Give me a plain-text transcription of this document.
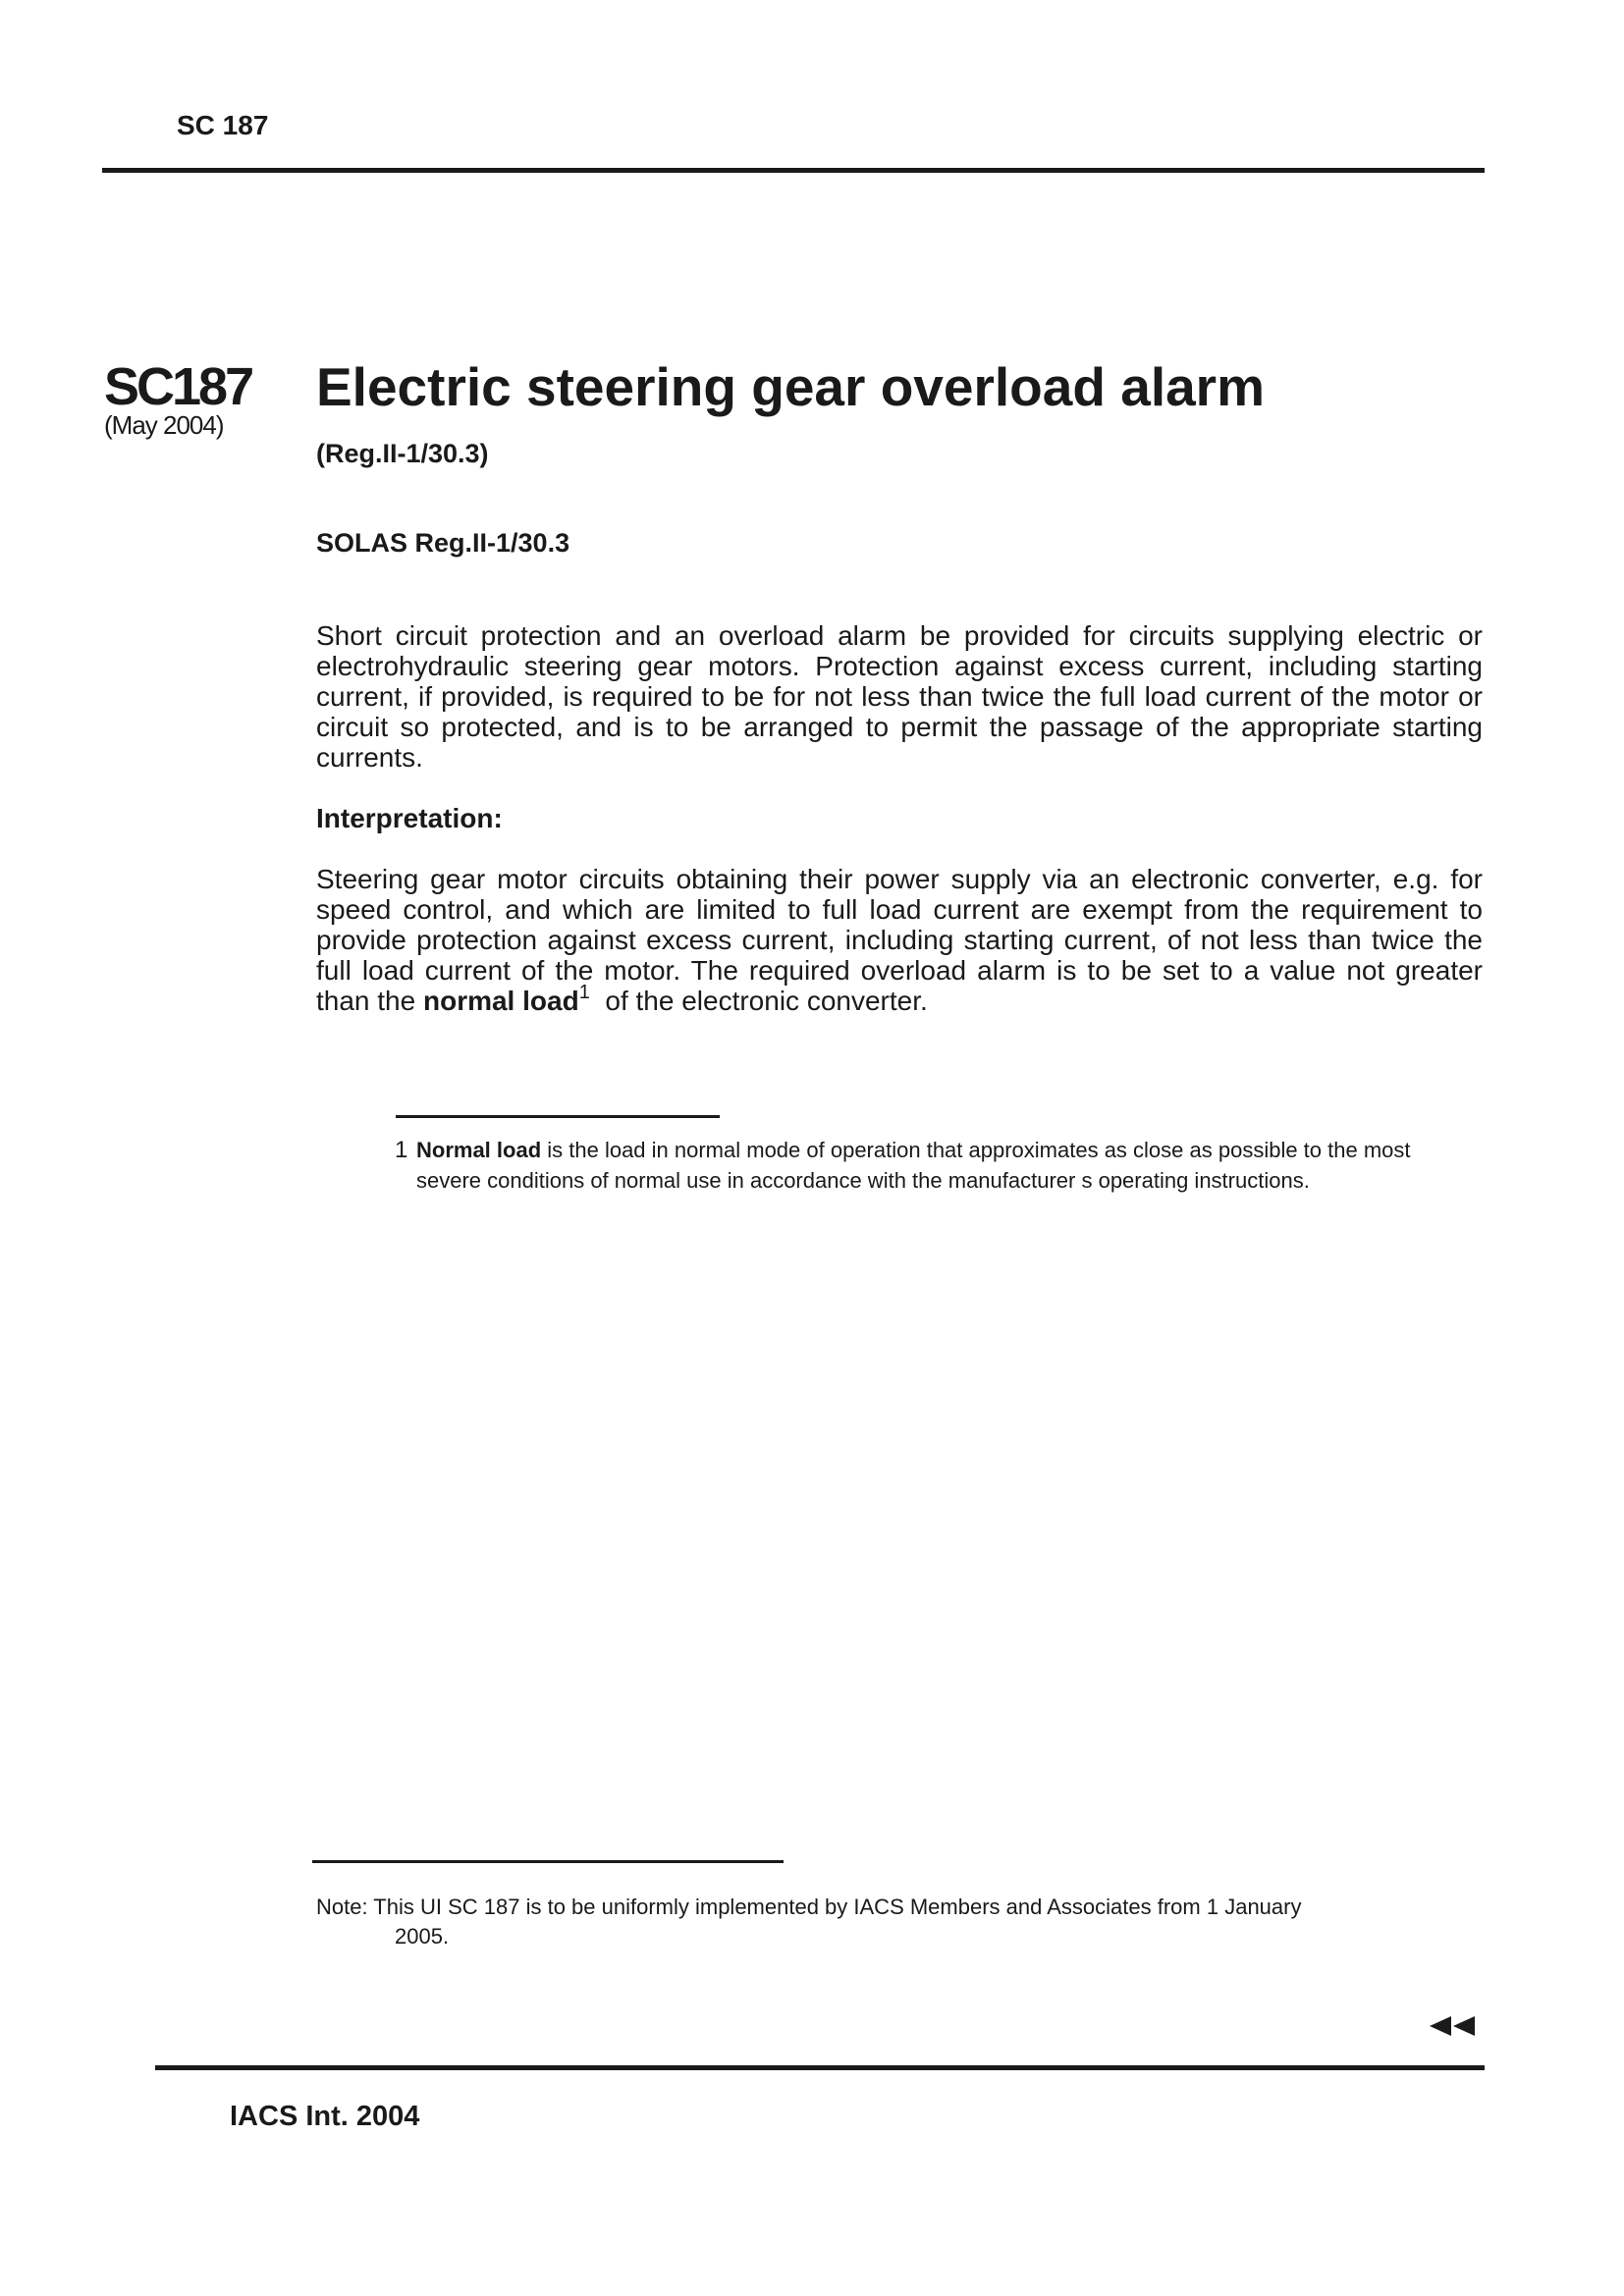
SC 187
SC187
(May 2004)
Electric steering gear overload alarm
(Reg.II-1/30.3)
SOLAS Reg.II-1/30.3

Short circuit protection and an overload alarm be provided for circuits supplying electric or electrohydraulic steering gear motors. Protection against excess current, including starting current, if provided, is required to be for not less than twice the full load current of the motor or circuit so protected, and is to be arranged to permit the passage of the appropriate starting currents.

Interpretation:

Steering gear motor circuits obtaining their power supply via an electronic converter, e.g. for speed control, and which are limited to full load current are exempt from the requirement to provide protection against excess current, including starting current, of not less than twice the full load current of the motor. The required overload alarm is to be set to a value not greater than the normal load$^1$  of the electronic converter.

1 Normal load is the load in normal mode of operation that approximates as close as possible to the most severe conditions of normal use in accordance with the manufacturer s operating instructions.
Note: This UI SC 187 is to be uniformly implemented by IACS Members and Associates from 1 January
2005.
IACS Int. 2004
